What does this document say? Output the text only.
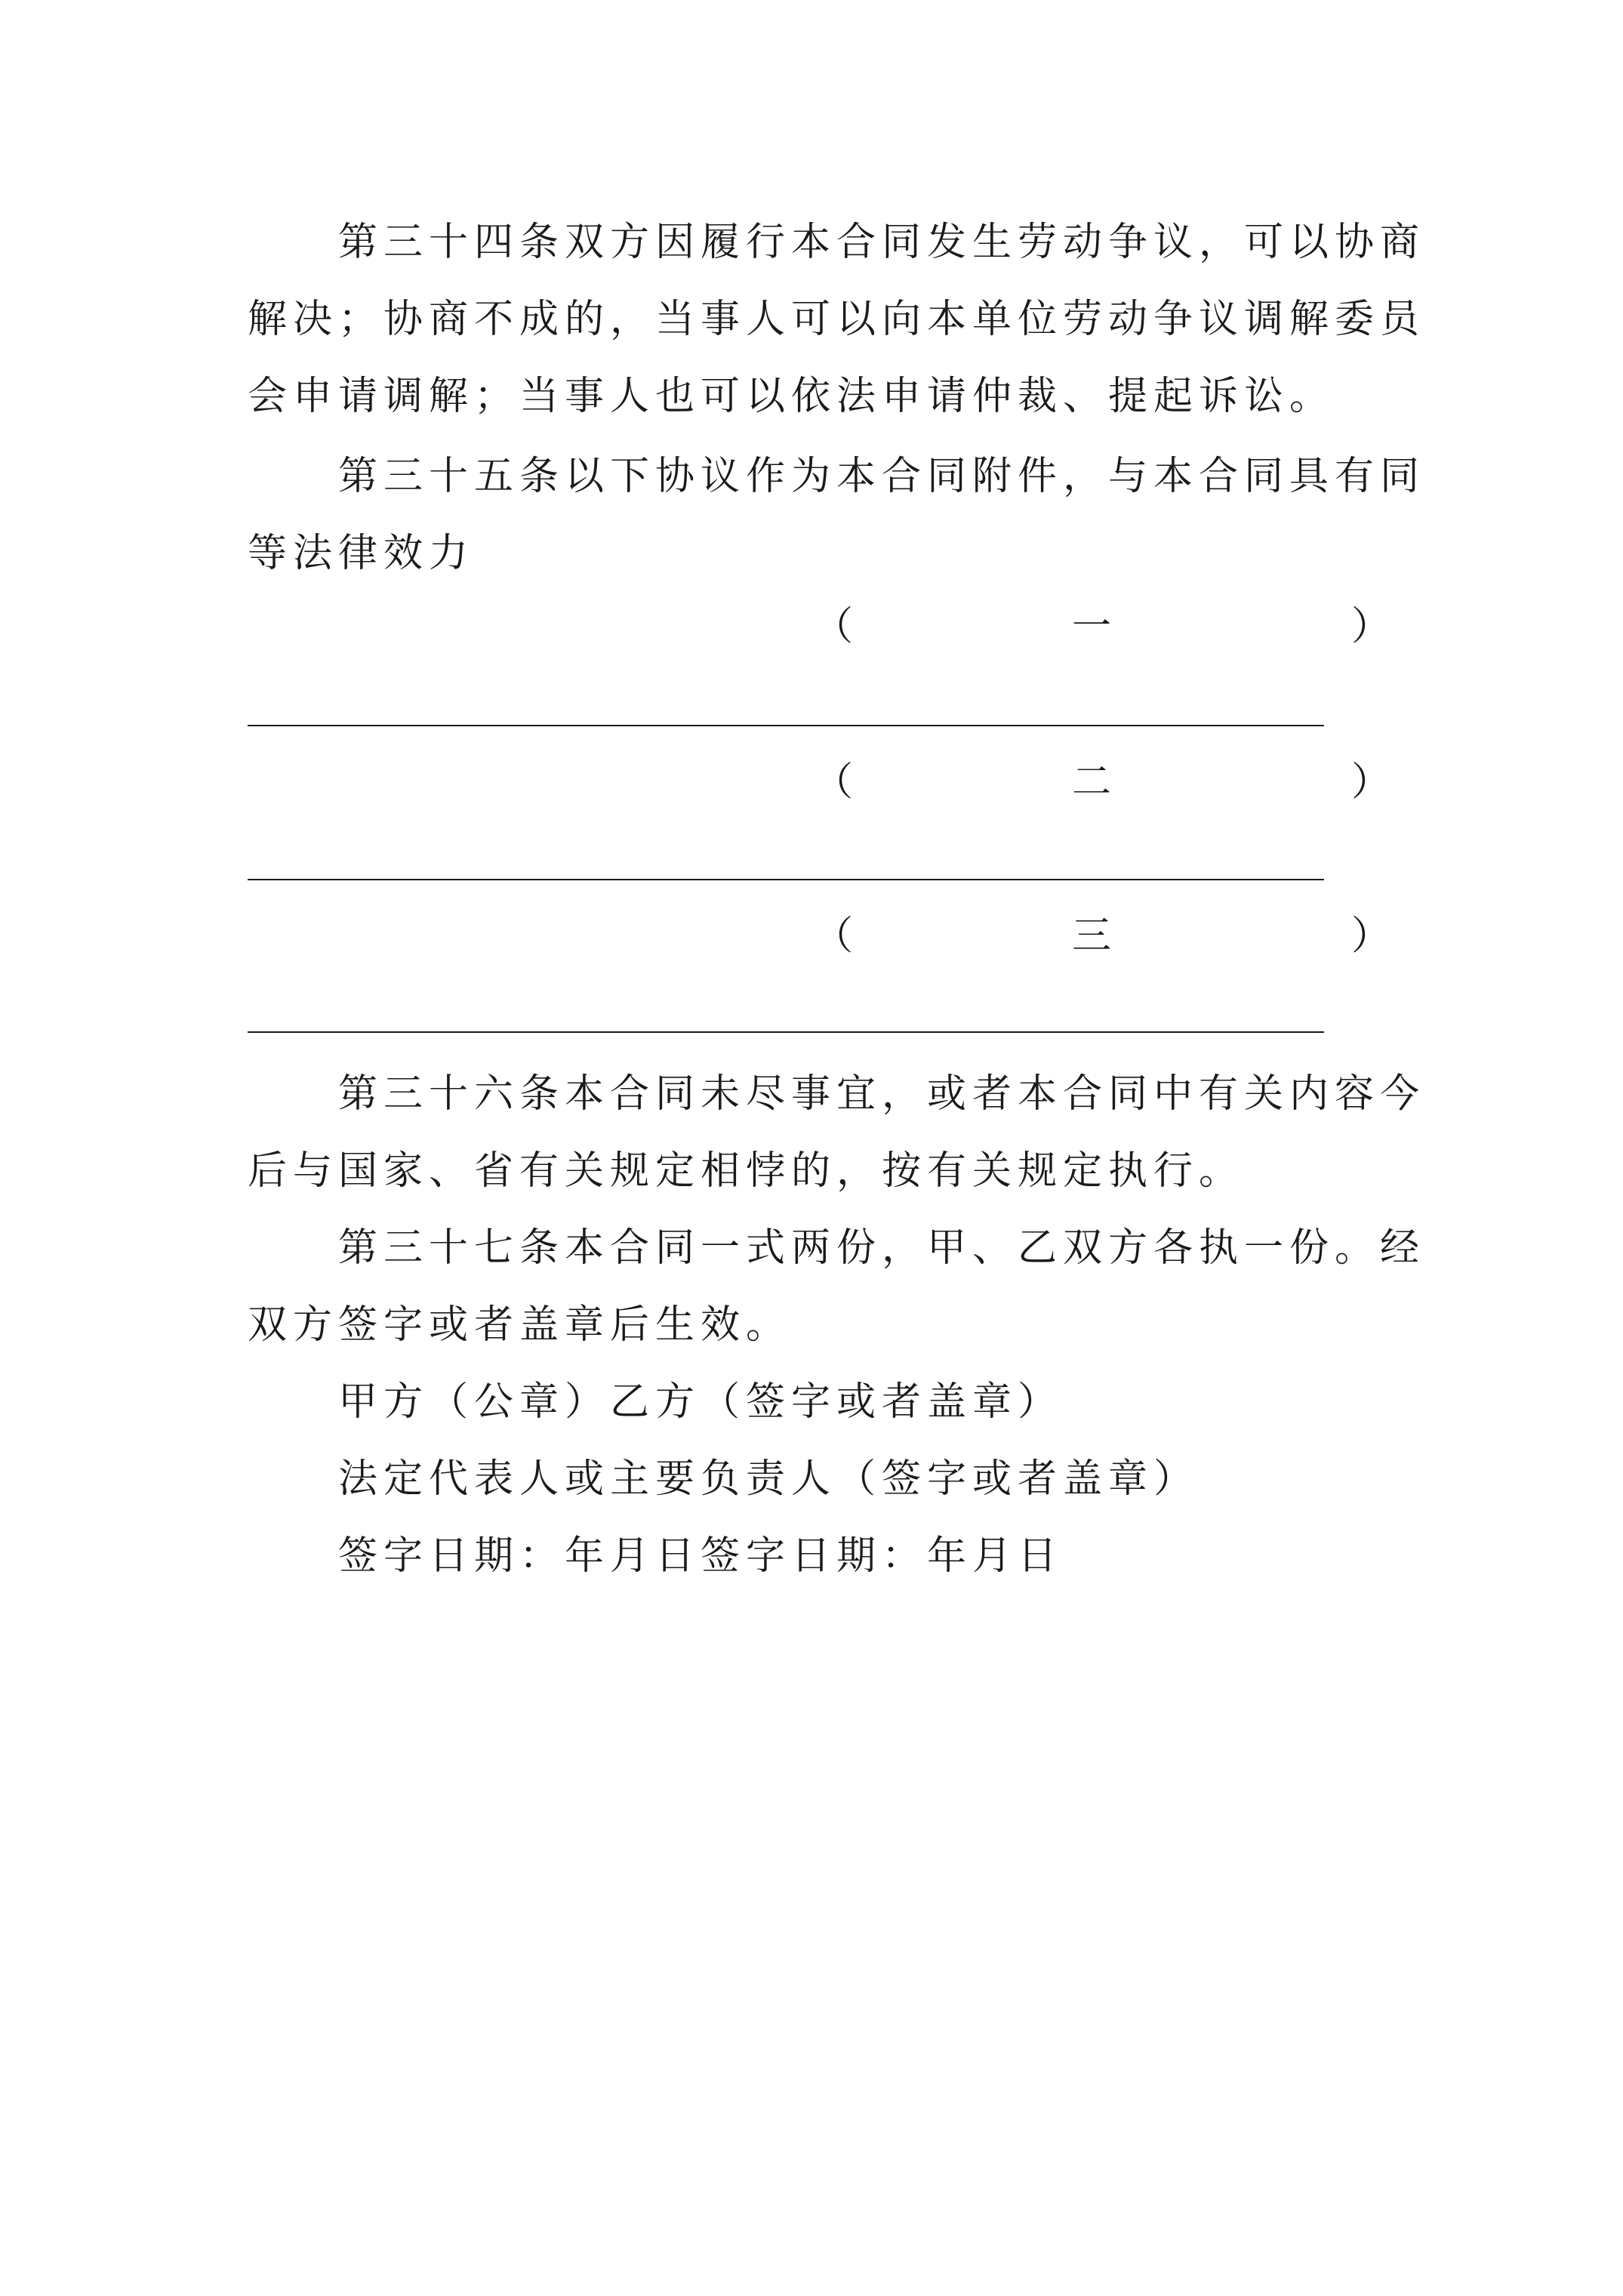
第三十四条双方因履行本合同发生劳动争议，可以协商
解决；协商不成的，当事人可以向本单位劳动争议调解委员
会申请调解；当事人也可以依法申请仲裁、提起诉讼。
第三十五条以下协议作为本合同附件，与本合同具有同
等法律效力
（	一	）
（	二	）
（	三	）
第三十六条本合同未尽事宜，或者本合同中有关内容今
后与国家、省有关规定相悖的，按有关规定执行。
第三十七条本合同一式两份，甲、乙双方各执一份。经
双方签字或者盖章后生效。
甲方（公章）乙方（签字或者盖章）
法定代表人或主要负责人（签字或者盖章）
签字日期：年月日签字日期：年月日
